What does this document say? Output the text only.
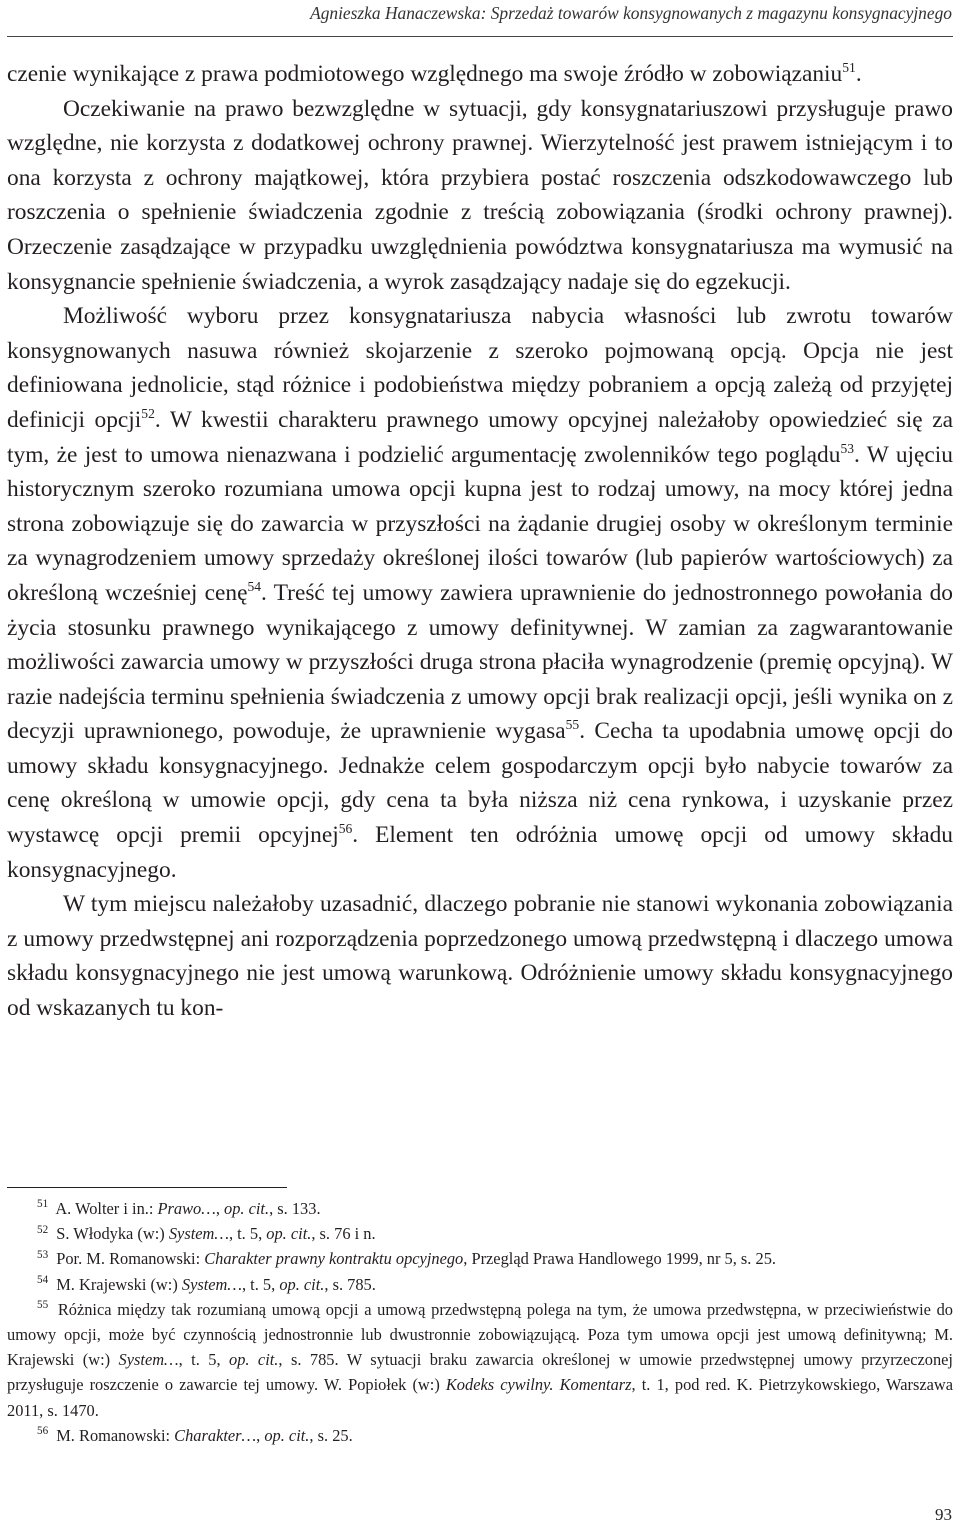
Agnieszka Hanaczewska: Sprzedaż towarów konsygnowanych z magazynu konsygnacyjnego

czenie wynikające z prawa podmiotowego względnego ma swoje źródło w zobowiązaniu$^{51}$.

Oczekiwanie na prawo bezwzględne w sytuacji, gdy konsygnatariuszowi przysługuje prawo względne, nie korzysta z dodatkowej ochrony prawnej. Wierzytelność jest prawem istniejącym i to ona korzysta z ochrony majątkowej, która przybiera postać roszczenia odszkodowawczego lub roszczenia o spełnienie świadczenia zgodnie z treścią zobowiązania (środki ochrony prawnej). Orzeczenie zasądzające w przypadku uwzględnienia powództwa konsygnatariusza ma wymusić na konsygnancie spełnienie świadczenia, a wyrok zasądzający nadaje się do egzekucji.

Możliwość wyboru przez konsygnatariusza nabycia własności lub zwrotu towarów konsygnowanych nasuwa również skojarzenie z szeroko pojmowaną opcją. Opcja nie jest definiowana jednolicie, stąd różnice i podobieństwa między pobraniem a opcją zależą od przyjętej definicji opcji$^{52}$. W kwestii charakteru prawnego umowy opcyjnej należałoby opowiedzieć się za tym, że jest to umowa nienazwana i podzielić argumentację zwolenników tego poglądu$^{53}$. W ujęciu historycznym szeroko rozumiana umowa opcji kupna jest to rodzaj umowy, na mocy której jedna strona zobowiązuje się do zawarcia w przyszłości na żądanie drugiej osoby w określonym terminie za wynagrodzeniem umowy sprzedaży określonej ilości towarów (lub papierów wartościowych) za określoną wcześniej cenę$^{54}$. Treść tej umowy zawiera uprawnienie do jednostronnego powołania do życia stosunku prawnego wynikającego z umowy definitywnej. W zamian za zagwarantowanie możliwości zawarcia umowy w przyszłości druga strona płaciła wynagrodzenie (premię opcyjną). W razie nadejścia terminu spełnienia świadczenia z umowy opcji brak realizacji opcji, jeśli wynika on z decyzji uprawnionego, powoduje, że uprawnienie wygasa$^{55}$. Cecha ta upodabnia umowę opcji do umowy składu konsygnacyjnego. Jednakże celem gospodarczym opcji było nabycie towarów za cenę określoną w umowie opcji, gdy cena ta była niższa niż cena rynkowa, i uzyskanie przez wystawcę opcji premii opcyjnej$^{56}$. Element ten odróżnia umowę opcji od umowy składu konsygnacyjnego.

W tym miejscu należałoby uzasadnić, dlaczego pobranie nie stanowi wykonania zobowiązania z umowy przedwstępnej ani rozporządzenia poprzedzonego umową przedwstępną i dlaczego umowa składu konsygnacyjnego nie jest umową warunkową. Odróżnienie umowy składu konsygnacyjnego od wskazanych tu kon-

$^{51}$ A. Wolter i in.: Prawo…, op. cit., s. 133.

$^{52}$ S. Włodyka (w:) System…, t. 5, op. cit., s. 76 i n.

$^{53}$ Por. M. Romanowski: Charakter prawny kontraktu opcyjnego, Przegląd Prawa Handlowego 1999, nr 5, s. 25.

$^{54}$ M. Krajewski (w:) System…, t. 5, op. cit., s. 785.

$^{55}$ Różnica między tak rozumianą umową opcji a umową przedwstępną polega na tym, że umowa przedwstępna, w przeciwieństwie do umowy opcji, może być czynnością jednostronnie lub dwustronnie zobowiązującą. Poza tym umowa opcji jest umową definitywną; M. Krajewski (w:) System…, t. 5, op. cit., s. 785. W sytuacji braku zawarcia określonej w umowie przedwstępnej umowy przyrzeczonej przysługuje roszczenie o zawarcie tej umowy. W. Popiołek (w:) Kodeks cywilny. Komentarz, t. 1, pod red. K. Pietrzykowskiego, Warszawa 2011, s. 1470.

$^{56}$ M. Romanowski: Charakter…, op. cit., s. 25.

93
